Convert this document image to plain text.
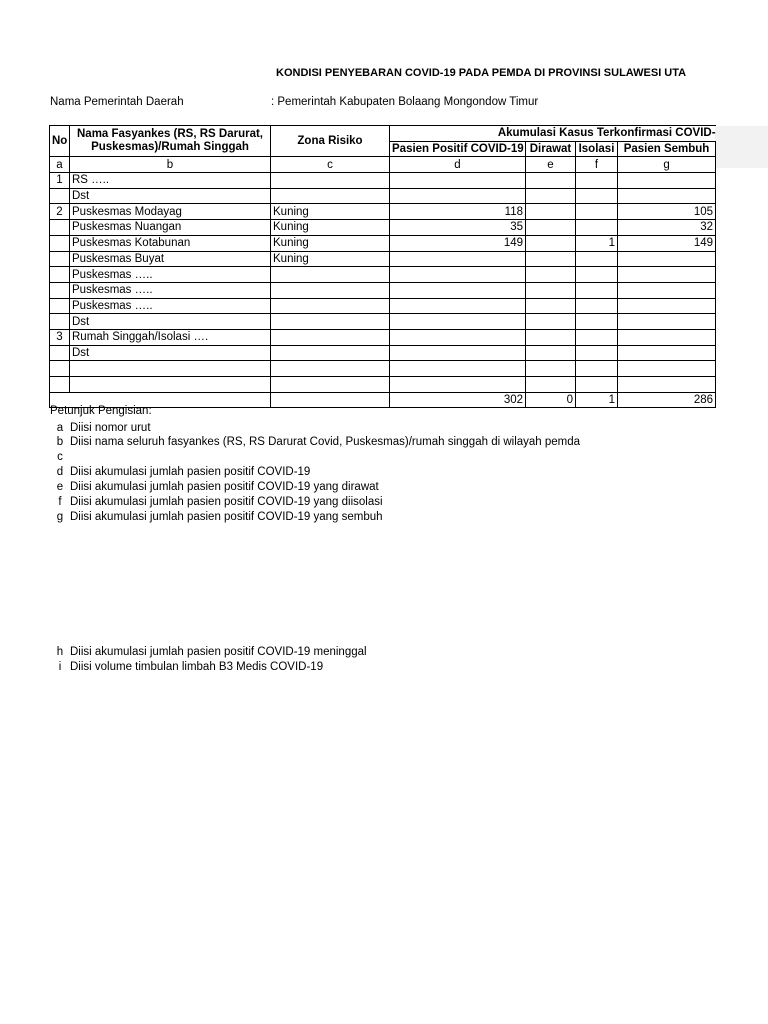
KONDISI PENYEBARAN COVID-19 PADA PEMDA DI PROVINSI SULAWESI UTA
Nama Pemerintah Daerah	: Pemerintah Kabupaten Bolaang Mongondow Timur
No	Nama Fasyankes (RS, RS Darurat, Puskesmas)/Rumah Singgah	Zona Risiko	Akumulasi Kasus Terkonfirmasi COVID-			
			Pasien Positif COVID-19	Dirawat	Isolasi	Pasien Sembuh
a	b	c	d	e	f	g
1	RS …..					
	Dst					
2	Puskesmas Modayag	Kuning	118			105
	Puskesmas Nuangan	Kuning	35			32
	Puskesmas Kotabunan	Kuning	149		1	149
	Puskesmas Buyat	Kuning				
	Puskesmas …..					
	Puskesmas …..					
	Puskesmas …..					
	Dst					
3	Rumah Singgah/Isolasi ….					
	Dst					

			302	0	1	286
Petunjuk Pengisian:
a Diisi nomor urut
b Diisi nama seluruh fasyankes (RS, RS Darurat Covid, Puskesmas)/rumah singgah di wilayah pemda
c
d Diisi akumulasi jumlah pasien positif COVID-19
e Diisi akumulasi jumlah pasien positif COVID-19 yang dirawat
f Diisi akumulasi jumlah pasien positif COVID-19 yang diisolasi
g Diisi akumulasi jumlah pasien positif COVID-19 yang sembuh
h Diisi akumulasi jumlah pasien positif COVID-19 meninggal
i Diisi volume timbulan limbah B3 Medis COVID-19
